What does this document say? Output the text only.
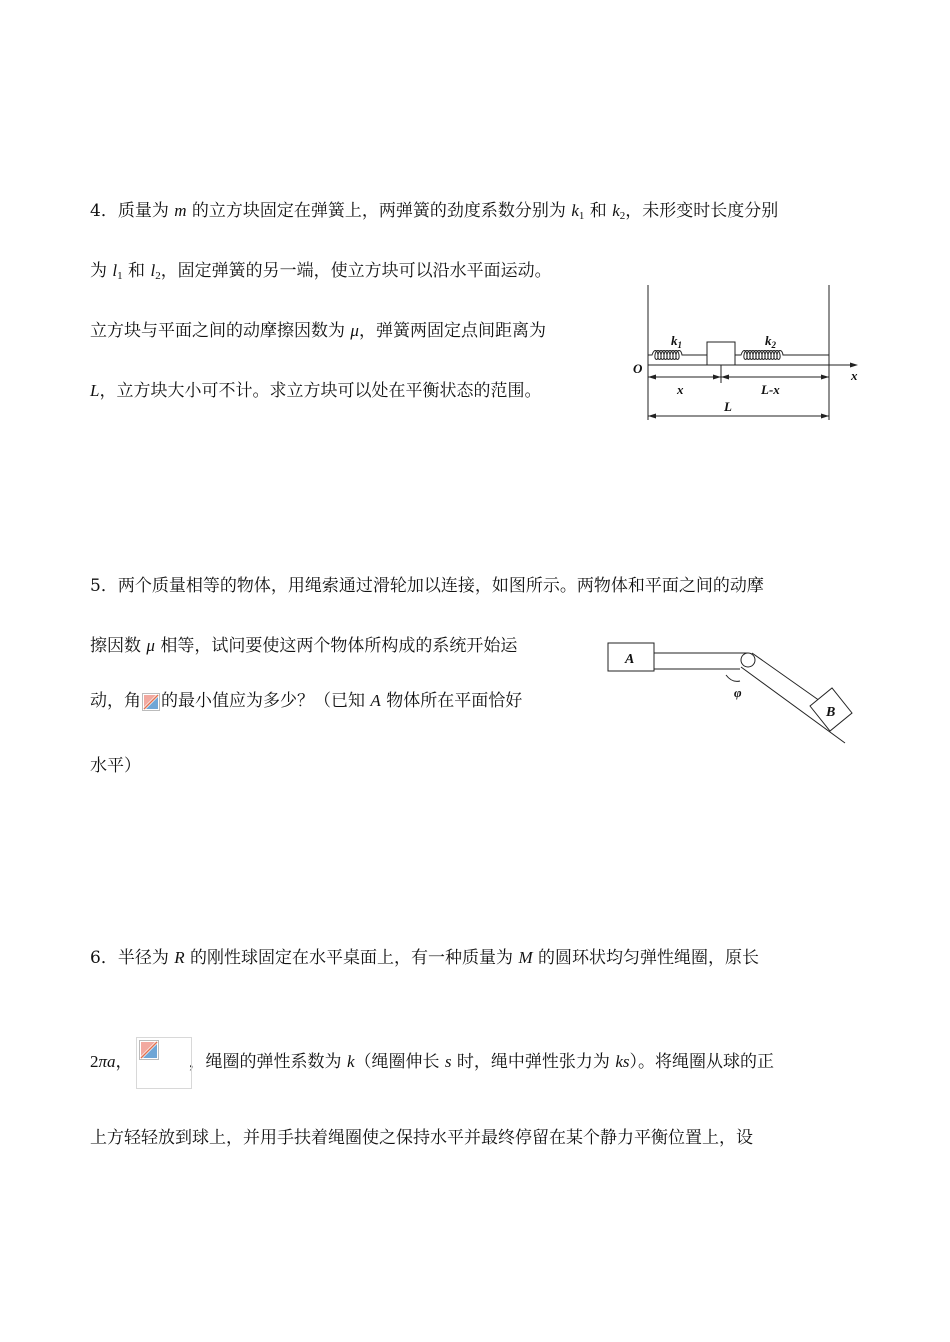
4．质量为 m 的立方块固定在弹簧上，两弹簧的劲度系数分别为 $k_1$ 和 $k_2$，未形变时长度分别
为 $l_1$ 和 $l_2$，固定弹簧的另一端，使立方块可以沿水平面运动。
立方块与平面之间的动摩擦因数为 μ，弹簧两固定点间距离为
L，立方块大小可不计。求立方块可以处在平衡状态的范围。
$k_1$	$k_2$
O	x
x	L-x
L
5．两个质量相等的物体，用绳索通过滑轮加以连接，如图所示。两物体和平面之间的动摩
擦因数 μ 相等，试问要使这两个物体所构成的系统开始运
动，角 的最小值应为多少？（已知 A 物体所在平面恰好
水平）
A
B
φ
6．半径为 R 的刚性球固定在水平桌面上，有一种质量为 M 的圆环状均匀弹性绳圈，原长
2πa，	，绳圈的弹性系数为 k（绳圈伸长 s 时，绳中弹性张力为 ks）。将绳圈从球的正
上方轻轻放到球上，并用手扶着绳圈使之保持水平并最终停留在某个静力平衡位置上，设
